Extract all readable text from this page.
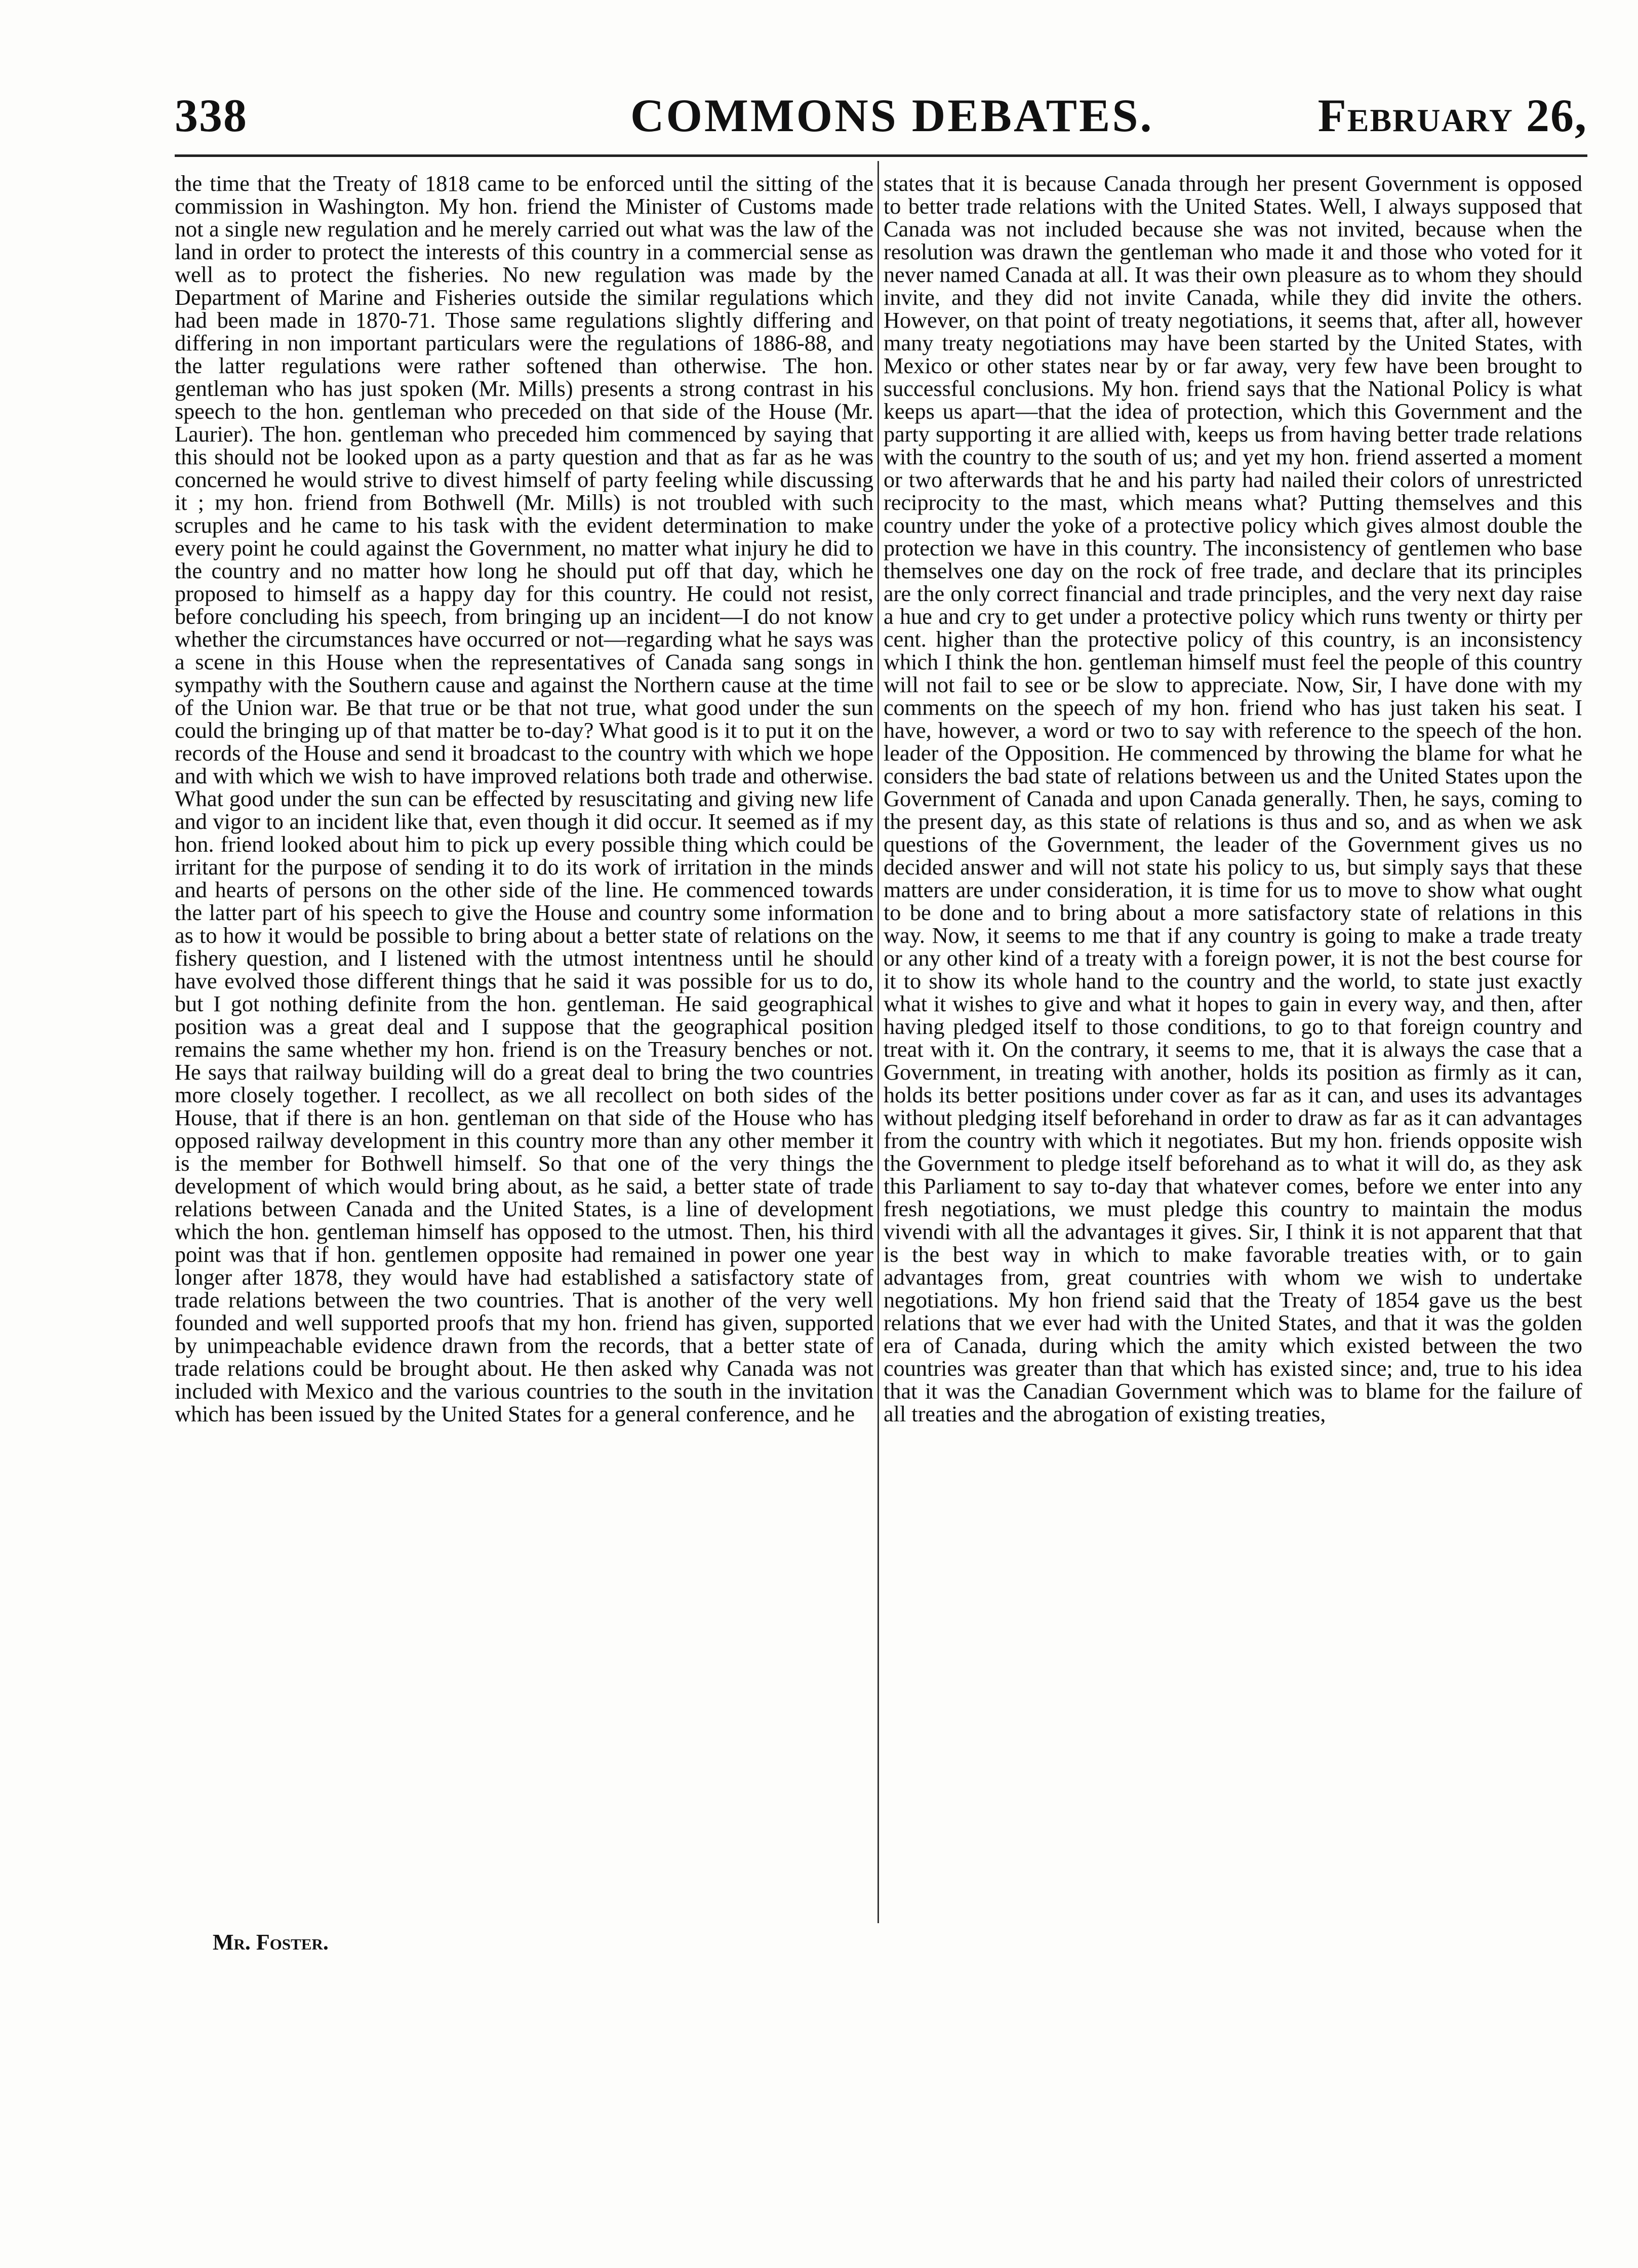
338	COMMONS DEBATES.	February 26,

the time that the Treaty of 1818 came to be enforced until the sitting of the commission in Washington. My hon. friend the Minister of Customs made not a single new regulation and he merely carried out what was the law of the land in order to protect the interests of this country in a commercial sense as well as to protect the fisheries. No new regulation was made by the Department of Marine and Fisheries outside the similar regulations which had been made in 1870-71. Those same regulations slightly differing and differing in non important particulars were the regulations of 1886-88, and the latter regulations were rather softened than otherwise. The hon. gentleman who has just spoken (Mr. Mills) presents a strong contrast in his speech to the hon. gentleman who preceded on that side of the House (Mr. Laurier). The hon. gentleman who preceded him commenced by saying that this should not be looked upon as a party question and that as far as he was concerned he would strive to divest himself of party feeling while discussing it ; my hon. friend from Bothwell (Mr. Mills) is not troubled with such scruples and he came to his task with the evident determination to make every point he could against the Government, no matter what injury he did to the country and no matter how long he should put off that day, which he proposed to himself as a happy day for this country. He could not resist, before concluding his speech, from bringing up an incident—I do not know whether the circumstances have occurred or not—regarding what he says was a scene in this House when the representatives of Canada sang songs in sympathy with the Southern cause and against the Northern cause at the time of the Union war. Be that true or be that not true, what good under the sun could the bringing up of that matter be to-day? What good is it to put it on the records of the House and send it broadcast to the country with which we hope and with which we wish to have improved relations both trade and otherwise. What good under the sun can be effected by resuscitating and giving new life and vigor to an incident like that, even though it did occur. It seemed as if my hon. friend looked about him to pick up every possible thing which could be irritant for the purpose of sending it to do its work of irritation in the minds and hearts of persons on the other side of the line. He commenced towards the latter part of his speech to give the House and country some information as to how it would be possible to bring about a better state of relations on the fishery question, and I listened with the utmost intentness until he should have evolved those different things that he said it was possible for us to do, but I got nothing definite from the hon. gentleman. He said geographical position was a great deal and I suppose that the geographical position remains the same whether my hon. friend is on the Treasury benches or not. He says that railway building will do a great deal to bring the two countries more closely together. I recollect, as we all recollect on both sides of the House, that if there is an hon. gentleman on that side of the House who has opposed railway development in this country more than any other member it is the member for Bothwell himself. So that one of the very things the development of which would bring about, as he said, a better state of trade relations between Canada and the United States, is a line of development which the hon. gentleman himself has opposed to the utmost. Then, his third point was that if hon. gentlemen opposite had remained in power one year longer after 1878, they would have had established a satisfactory state of trade relations between the two countries. That is another of the very well founded and well supported proofs that my hon. friend has given, supported by unimpeachable evidence drawn from the records, that a better state of trade relations could be brought about. He then asked why Canada was not included with Mexico and the various countries to the south in the invitation which has been issued by the United States for a general conference, and he

states that it is because Canada through her present Government is opposed to better trade relations with the United States. Well, I always supposed that Canada was not included because she was not invited, because when the resolution was drawn the gentleman who made it and those who voted for it never named Canada at all. It was their own pleasure as to whom they should invite, and they did not invite Canada, while they did invite the others. However, on that point of treaty negotiations, it seems that, after all, however many treaty negotiations may have been started by the United States, with Mexico or other states near by or far away, very few have been brought to successful conclusions. My hon. friend says that the National Policy is what keeps us apart—that the idea of protection, which this Government and the party supporting it are allied with, keeps us from having better trade relations with the country to the south of us; and yet my hon. friend asserted a moment or two afterwards that he and his party had nailed their colors of unrestricted reciprocity to the mast, which means what? Putting themselves and this country under the yoke of a protective policy which gives almost double the protection we have in this country. The inconsistency of gentlemen who base themselves one day on the rock of free trade, and declare that its principles are the only correct financial and trade principles, and the very next day raise a hue and cry to get under a protective policy which runs twenty or thirty per cent. higher than the protective policy of this country, is an inconsistency which I think the hon. gentleman himself must feel the people of this country will not fail to see or be slow to appreciate. Now, Sir, I have done with my comments on the speech of my hon. friend who has just taken his seat. I have, however, a word or two to say with reference to the speech of the hon. leader of the Opposition. He commenced by throwing the blame for what he considers the bad state of relations between us and the United States upon the Government of Canada and upon Canada generally. Then, he says, coming to the present day, as this state of relations is thus and so, and as when we ask questions of the Government, the leader of the Government gives us no decided answer and will not state his policy to us, but simply says that these matters are under consideration, it is time for us to move to show what ought to be done and to bring about a more satisfactory state of relations in this way. Now, it seems to me that if any country is going to make a trade treaty or any other kind of a treaty with a foreign power, it is not the best course for it to show its whole hand to the country and the world, to state just exactly what it wishes to give and what it hopes to gain in every way, and then, after having pledged itself to those conditions, to go to that foreign country and treat with it. On the contrary, it seems to me, that it is always the case that a Government, in treating with another, holds its position as firmly as it can, holds its better positions under cover as far as it can, and uses its advantages without pledging itself beforehand in order to draw as far as it can advantages from the country with which it negotiates. But my hon. friends opposite wish the Government to pledge itself beforehand as to what it will do, as they ask this Parliament to say to-day that whatever comes, before we enter into any fresh negotiations, we must pledge this country to maintain the modus vivendi with all the advantages it gives. Sir, I think it is not apparent that that is the best way in which to make favorable treaties with, or to gain advantages from, great countries with whom we wish to undertake negotiations. My hon friend said that the Treaty of 1854 gave us the best relations that we ever had with the United States, and that it was the golden era of Canada, during which the amity which existed between the two countries was greater than that which has existed since; and, true to his idea that it was the Canadian Government which was to blame for the failure of all treaties and the abrogation of existing treaties,

Mr. Foster.
